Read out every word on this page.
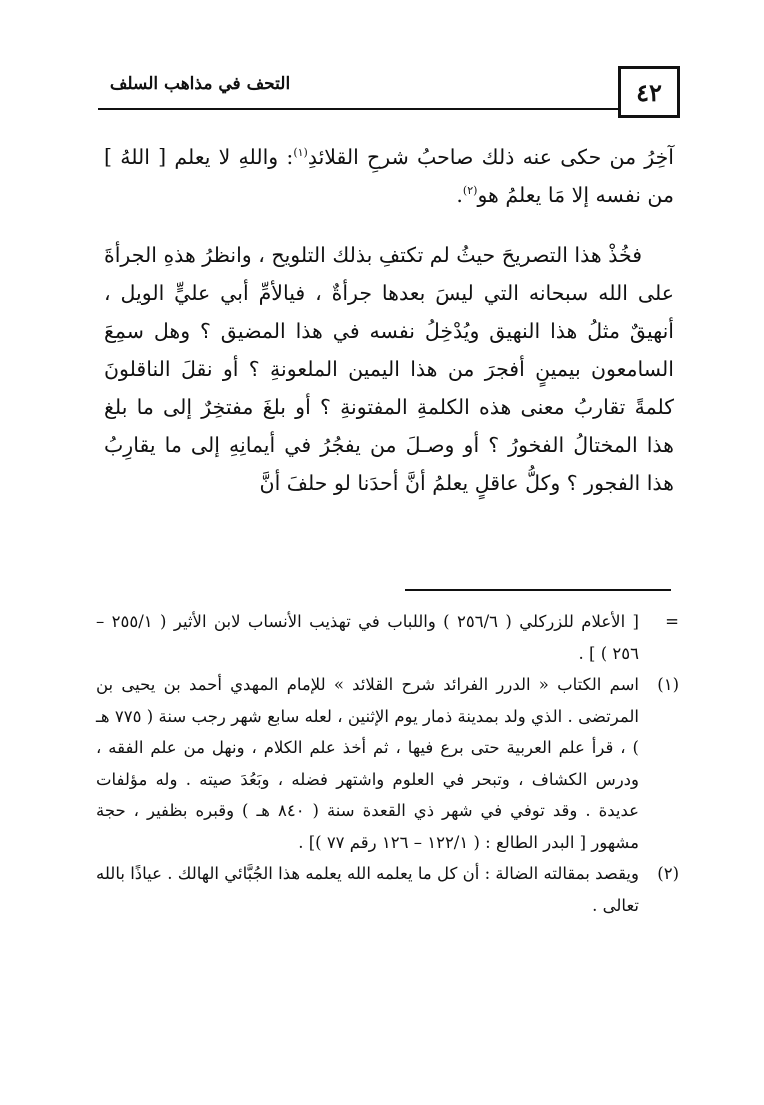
٤٢
التحف في مذاهب السلف

آخِرُ من حكى عنه ذلك صاحبُ شرحِ القلائدِ$^{(١)}$: واللهِ لا يعلم [ اللهُ ] من نفسه إلا مَا يعلمُ هو$^{(٢)}$.

فخُذْ هذا التصريحَ حيثُ لم تكتفِ بذلك التلويح ، وانظرُ هذهِ الجرأةَ على الله سبحانه التي ليسَ بعدها جرأةٌ ، فيالأمِّ أبي عليٍّ الويل ، أنهيقٌ مثلُ هذا النهيق ويُدْخِلُ نفسه في هذا المضيق ؟ وهل سمِعَ السامعون بيمينٍ أفجرَ من هذا اليمين الملعونةِ ؟ أو نقلَ الناقلونَ كلمةً تقاربُ معنى هذه الكلمةِ المفتونةِ ؟ أو بلغَ مفتخِرٌ إلى ما بلغ هذا المختالُ الفخورُ ؟ أو وصـلَ من يفجُرُ في أيمانِهِ إلى ما يقارِبُ هذا الفجور ؟ وكلُّ عاقلٍ يعلمُ أنَّ أحدَنا لو حلفَ أنَّ

=
[ الأعلام للزركلي ( ٢٥٦/٦ ) واللباب في تهذيب الأنساب لابن الأثير ( ٢٥٥/١ – ٢٥٦ ) ] .
(١)
اسم الكتاب « الدرر الفرائد شرح القلائد » للإمام المهدي أحمد بن يحيى بن المرتضى . الذي ولد بمدينة ذمار يوم الإثنين ، لعله سابع شهر رجب سنة ( ٧٧٥ هـ ) ، قرأ علم العربية حتى برع فيها ، ثم أخذ علم الكلام ، ونهل من علم الفقه ، ودرس الكشاف ، وتبحر في العلوم واشتهر فضله ، وبَعُدَ صيته . وله مؤلفات عديدة . وقد توفي في شهر ذي القعدة سنة ( ٨٤٠ هـ ) وقبره بظفير ، حجة مشهور [ البدر الطالع : ( ١٢٢/١ – ١٢٦ رقم ٧٧ )] .
(٢)
ويقصد بمقالته الضالة : أن كل ما يعلمه الله يعلمه هذا الجُبَّائي الهالك . عياذًا بالله تعالى .
